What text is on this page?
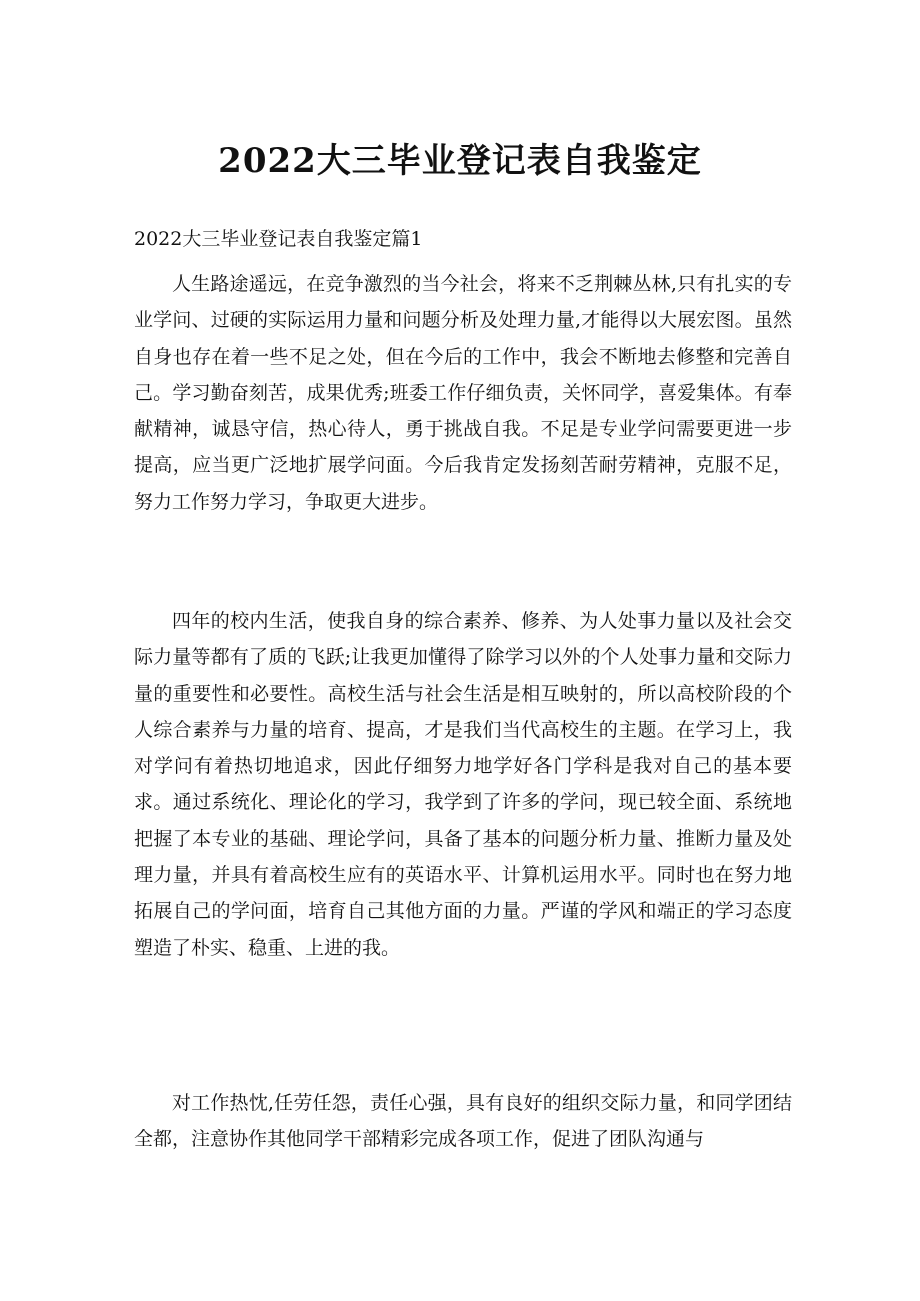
2022大三毕业登记表自我鉴定

2022大三毕业登记表自我鉴定篇1

人生路途遥远，在竞争激烈的当今社会，将来不乏荆棘丛林,只有扎实的专业学问、过硬的实际运用力量和问题分析及处理力量,才能得以大展宏图。虽然自身也存在着一些不足之处，但在今后的工作中，我会不断地去修整和完善自己。学习勤奋刻苦，成果优秀;班委工作仔细负责，关怀同学，喜爱集体。有奉献精神，诚恳守信，热心待人，勇于挑战自我。不足是专业学问需要更进一步提高，应当更广泛地扩展学问面。今后我肯定发扬刻苦耐劳精神，克服不足，努力工作努力学习，争取更大进步。

四年的校内生活，使我自身的综合素养、修养、为人处事力量以及社会交际力量等都有了质的飞跃;让我更加懂得了除学习以外的个人处事力量和交际力量的重要性和必要性。高校生活与社会生活是相互映射的，所以高校阶段的个人综合素养与力量的培育、提高，才是我们当代高校生的主题。在学习上，我对学问有着热切地追求，因此仔细努力地学好各门学科是我对自己的基本要求。通过系统化、理论化的学习，我学到了许多的学问，现已较全面、系统地把握了本专业的基础、理论学问，具备了基本的问题分析力量、推断力量及处理力量，并具有着高校生应有的英语水平、计算机运用水平。同时也在努力地拓展自己的学问面，培育自己其他方面的力量。严谨的学风和端正的学习态度塑造了朴实、稳重、上进的我。

对工作热忱,任劳任怨，责任心强，具有良好的组织交际力量，和同学团结全都，注意协作其他同学干部精彩完成各项工作，促进了团队沟通与
